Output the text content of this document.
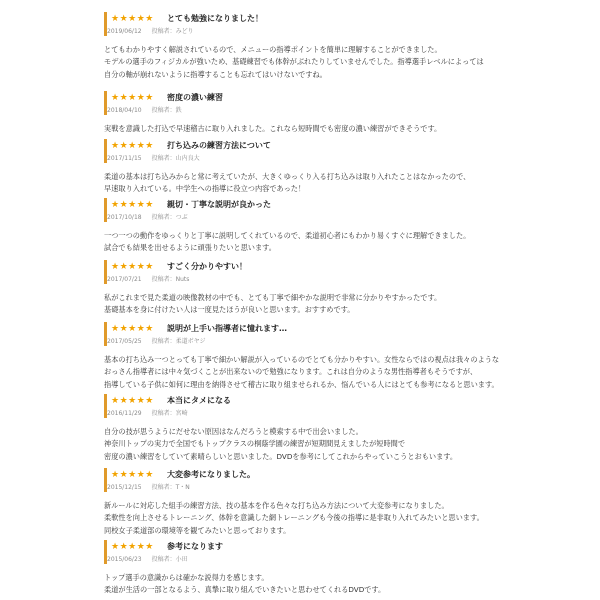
★★★★★ とても勉強になりました！
2019/06/12 投稿者：みどり
とてもわかりやすく解説されているので、メニューの指導ポイントを簡単に理解することができました。
モデルの選手のフィジカルが強いため、基礎練習でも体幹がぶれたりしていませんでした。指導選手レベルによっては
自分の軸が崩れないように指導することも忘れてはいけないですね。
★★★★★ 密度の濃い練習
2018/04/10 投稿者：鉄
実戦を意識した打込で早速稽古に取り入れました。これなら短時間でも密度の濃い練習ができそうです。
★★★★★ 打ち込みの練習方法について
2017/11/15 投稿者：山内良大
柔道の基本は打ち込みからと常に考えていたが、大きくゆっくり入る打ち込みは取り入れたことはなかったので、
早速取り入れている。中学生への指導に役立つ内容であった！
★★★★★ 親切・丁寧な説明が良かった
2017/10/18 投稿者：つぶ
一つ一つの動作をゆっくりと丁寧に説明してくれているので、柔道初心者にもわかり易くすぐに理解できました。
試合でも結果を出せるように頑張りたいと思います。
★★★★★ すごく分かりやすい！
2017/07/21 投稿者：Nuts
私がこれまで見た柔道の映像教材の中でも、とても丁寧で細やかな説明で非常に分かりやすかったです。
基礎基本を身に付けたい人は一度見たほうが良いと思います。おすすめです。
★★★★★ 説明が上手い指導者に憧れます…
2017/05/25 投稿者：柔道ボヤジ
基本の打ち込み一つとっても丁寧で細かい解説が入っているのでとても分かりやすい。女性ならではの視点は我々のような
おっさん指導者には中々気づくことが出来ないので勉強になります。これは自分のような男性指導者もそうですが、
指導している子供に如何に理由を納得させて稽古に取り組ませられるか、悩んでいる人にはとても参考になると思います。
★★★★★ 本当にタメになる
2016/11/29 投稿者：宮崎
自分の技が思うようにだせない原因はなんだろうと模索する中で出会いました。
神奈川トップの実力で全国でもトップクラスの桐蔭学園の練習が短期間見えましたが短時間で
密度の濃い練習をしていて素晴らしいと思いました。DVDを参考にしてこれからやっていこうとおもいます。
★★★★★ 大変参考になりました。
2015/12/15 投稿者：T・N
新ルールに対応した組手の練習方法、技の基本を作る色々な打ち込み方法について大変参考になりました。
柔軟性を向上させるトレーニング、体幹を意識した網トレーニングも今後の指導に是非取り入れてみたいと思います。
同校女子柔道部の環境等を観てみたいと思っております。
★★★★★ 参考になります
2015/06/23 投稿者：小田
トップ選手の意識からは確かな説得力を感じます。
柔道が生活の一部となるよう、真摯に取り組んでいきたいと思わせてくれるDVDです。
